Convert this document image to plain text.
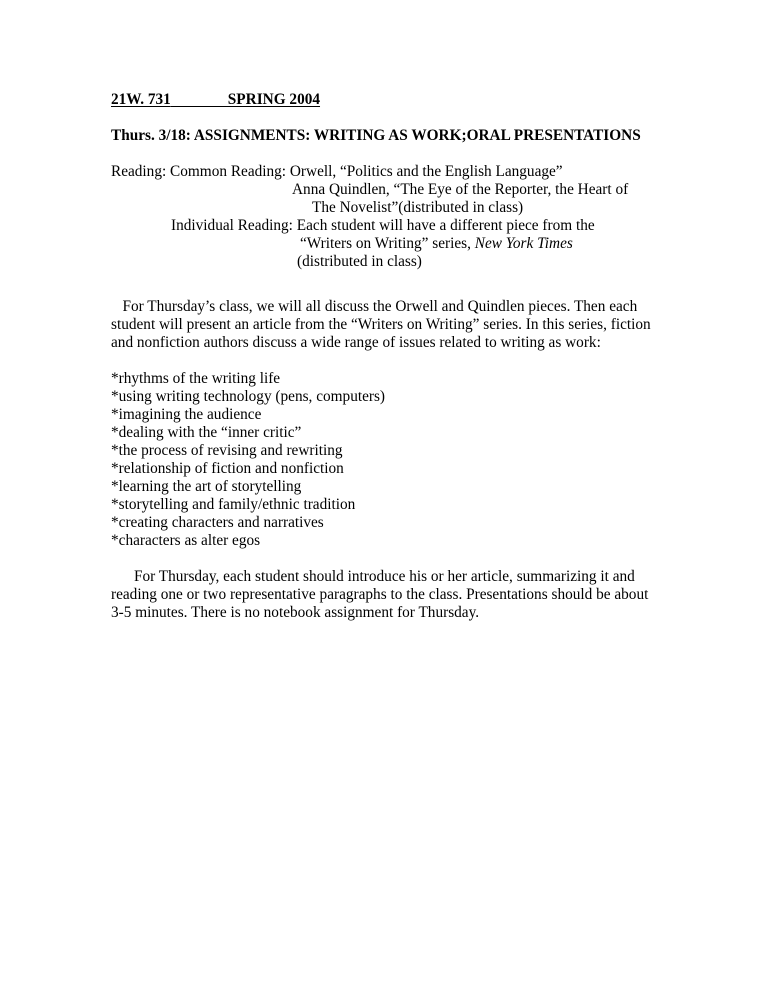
21W. 731	SPRING 2004

Thurs. 3/18: ASSIGNMENTS: WRITING AS WORK;ORAL PRESENTATIONS

Reading: Common Reading: Orwell, “Politics and the English Language”

Anna Quindlen, “The Eye of the Reporter, the Heart of

The Novelist”(distributed in class)

Individual Reading: Each student will have a different piece from the

“Writers on Writing” series, New York Times

(distributed in class)

For Thursday’s class, we will all discuss the Orwell and Quindlen pieces. Then each

student will present an article from the “Writers on Writing” series. In this series, fiction

and nonfiction authors discuss a wide range of issues related to writing as work:

*rhythms of the writing life

*using writing technology (pens, computers)

*imagining the audience

*dealing with the “inner critic”

*the process of revising and rewriting

*relationship of fiction and nonfiction

*learning the art of storytelling

*storytelling and family/ethnic tradition

*creating characters and narratives

*characters as alter egos

For Thursday, each student should introduce his or her article, summarizing it and

reading one or two representative paragraphs to the class. Presentations should be about

3-5 minutes. There is no notebook assignment for Thursday.
